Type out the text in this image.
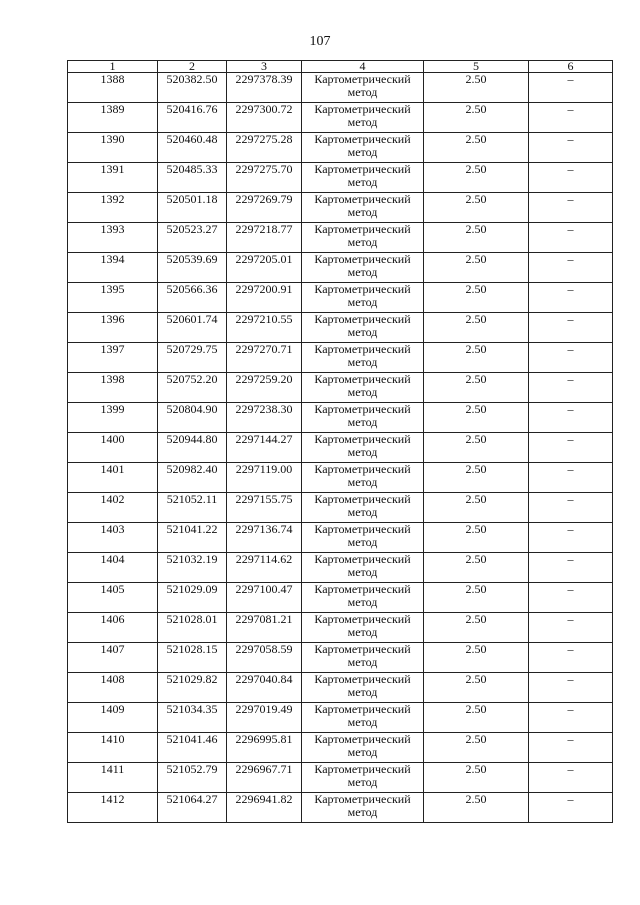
107
1	2	3	4	5	6
1388	520382.50	2297378.39	Картометрический метод	2.50	–
1389	520416.76	2297300.72	Картометрический метод	2.50	–
1390	520460.48	2297275.28	Картометрический метод	2.50	–
1391	520485.33	2297275.70	Картометрический метод	2.50	–
1392	520501.18	2297269.79	Картометрический метод	2.50	–
1393	520523.27	2297218.77	Картометрический метод	2.50	–
1394	520539.69	2297205.01	Картометрический метод	2.50	–
1395	520566.36	2297200.91	Картометрический метод	2.50	–
1396	520601.74	2297210.55	Картометрический метод	2.50	–
1397	520729.75	2297270.71	Картометрический метод	2.50	–
1398	520752.20	2297259.20	Картометрический метод	2.50	–
1399	520804.90	2297238.30	Картометрический метод	2.50	–
1400	520944.80	2297144.27	Картометрический метод	2.50	–
1401	520982.40	2297119.00	Картометрический метод	2.50	–
1402	521052.11	2297155.75	Картометрический метод	2.50	–
1403	521041.22	2297136.74	Картометрический метод	2.50	–
1404	521032.19	2297114.62	Картометрический метод	2.50	–
1405	521029.09	2297100.47	Картометрический метод	2.50	–
1406	521028.01	2297081.21	Картометрический метод	2.50	–
1407	521028.15	2297058.59	Картометрический метод	2.50	–
1408	521029.82	2297040.84	Картометрический метод	2.50	–
1409	521034.35	2297019.49	Картометрический метод	2.50	–
1410	521041.46	2296995.81	Картометрический метод	2.50	–
1411	521052.79	2296967.71	Картометрический метод	2.50	–
1412	521064.27	2296941.82	Картометрический метод	2.50	–
